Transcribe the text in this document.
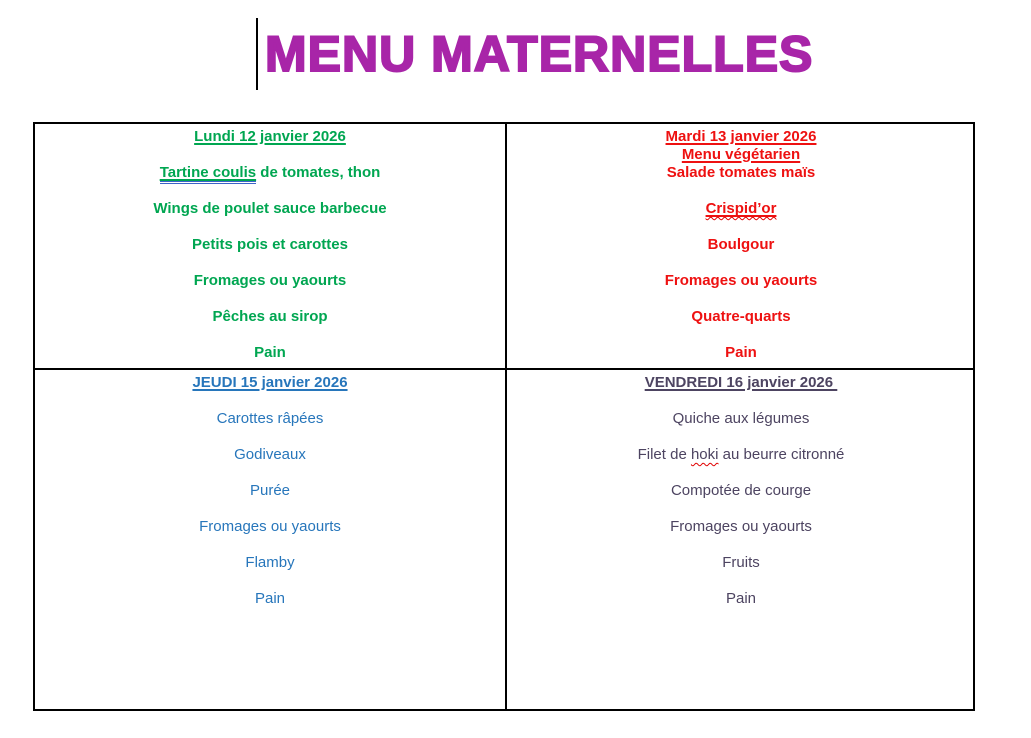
MENU MATERNELLES
Lundi 12 janvier 2026
Tartine coulis de tomates, thon
Wings de poulet sauce barbecue
Petits pois et carottes
Fromages ou yaourts
Pêches au sirop
Pain
Mardi 13 janvier 2026
Menu végétarien
Salade tomates maïs
Crispid’or
Boulgour
Fromages ou yaourts
Quatre-quarts
Pain
JEUDI 15 janvier 2026
Carottes râpées
Godiveaux
Purée
Fromages ou yaourts
Flamby
Pain
VENDREDI 16 janvier 2026
Quiche aux légumes
Filet de hoki au beurre citronné
Compotée de courge
Fromages ou yaourts
Fruits
Pain
